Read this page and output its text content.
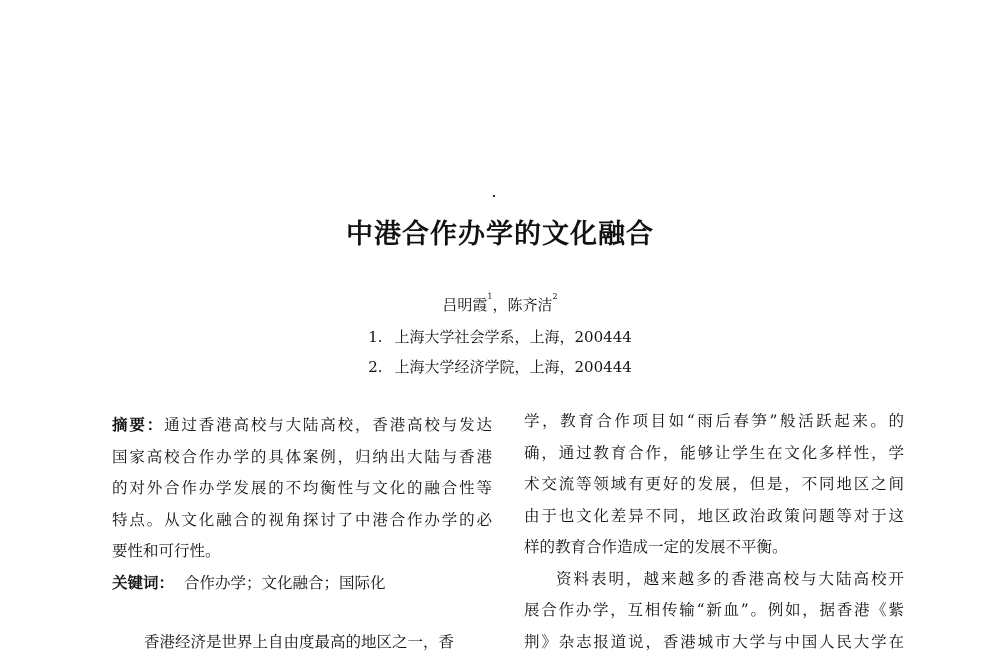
中港合作办学的文化融合
吕明霞$^1$，陈齐洁$^2$
1. 上海大学社会学系，上海，200444
2. 上海大学经济学院，上海，200444
摘要：通过香港高校与大陆高校，香港高校与发达
国家高校合作办学的具体案例，归纳出大陆与香港
的对外合作办学发展的不均衡性与文化的融合性等
特点。从文化融合的视角探讨了中港合作办学的必
要性和可行性。
关键词： 合作办学；文化融合；国际化
香港经济是世界上自由度最高的地区之一，香
学，教育合作项目如“雨后春笋”般活跃起来。的
确，通过教育合作，能够让学生在文化多样性，学
术交流等领域有更好的发展，但是，不同地区之间
由于也文化差异不同，地区政治政策问题等对于这
样的教育合作造成一定的发展不平衡。
资料表明，越来越多的香港高校与大陆高校开
展合作办学，互相传输“新血”。例如，据香港《紫
荆》杂志报道说，香港城市大学与中国人民大学在
